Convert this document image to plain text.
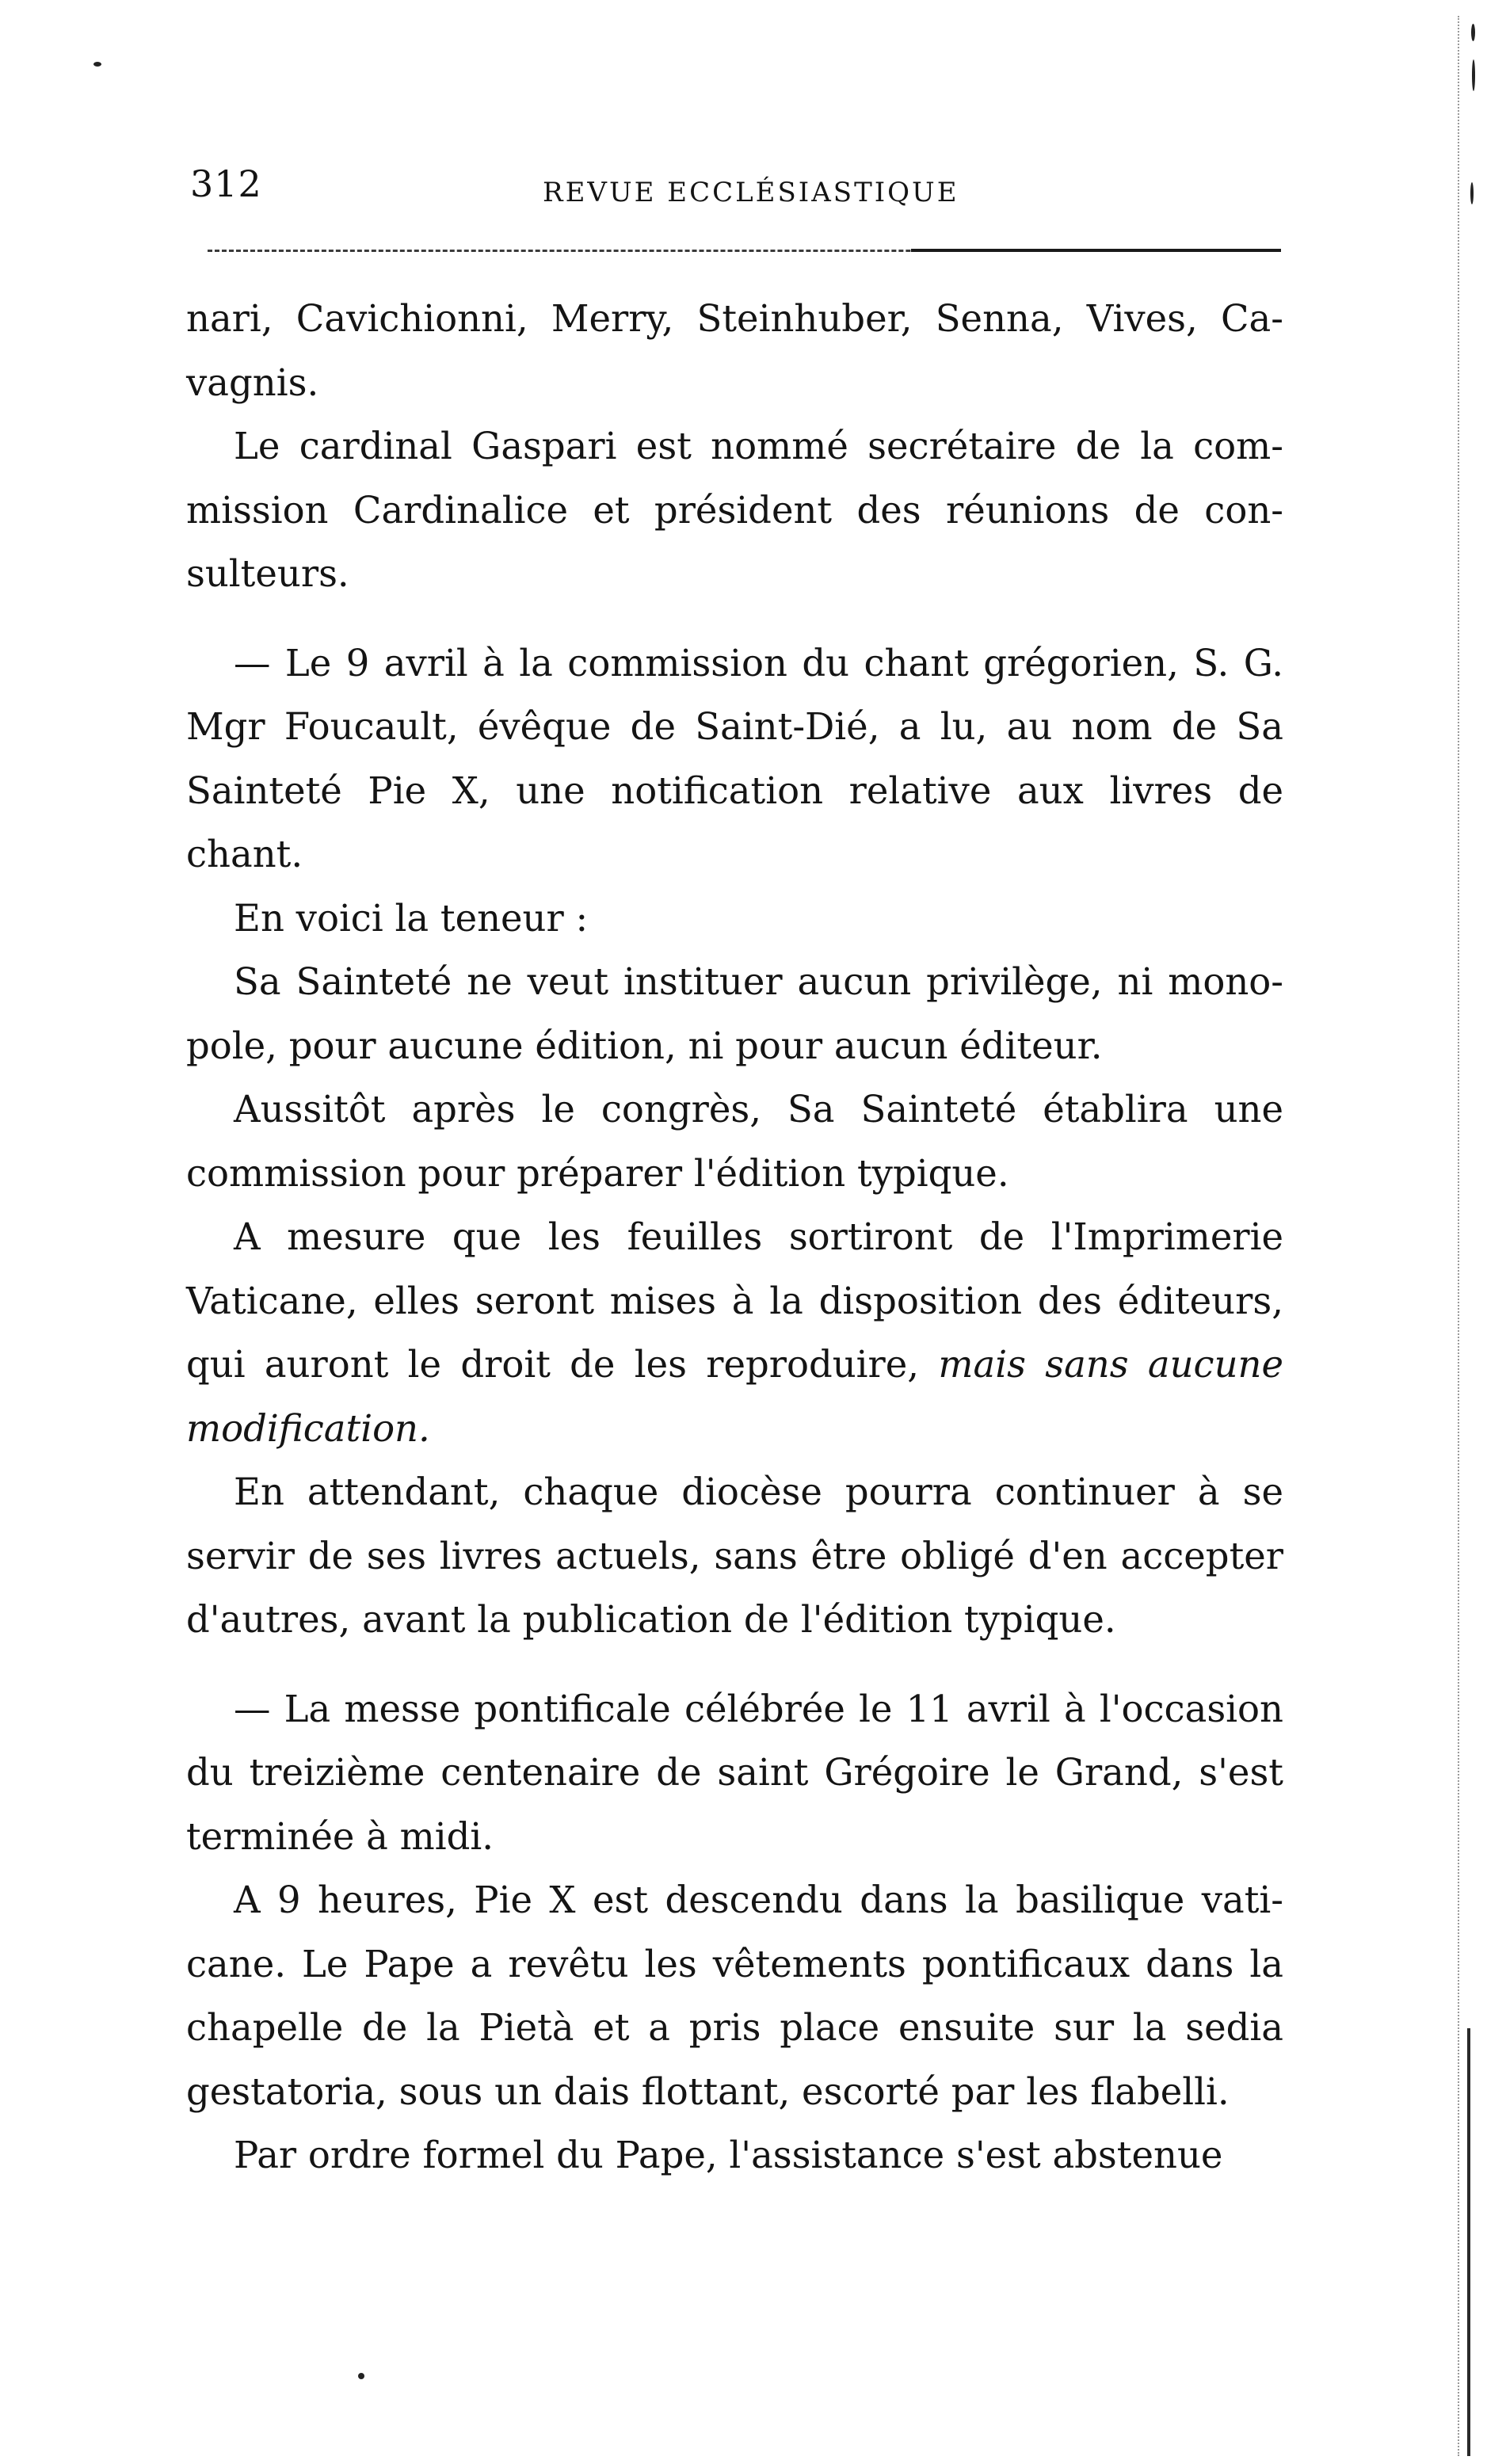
312	REVUE ECCLÉSIASTIQUE

nari, Cavichionni, Merry, Steinhuber, Senna, Vives, Cavagnis.

Le cardinal Gaspari est nommé secrétaire de la commission Cardinalice et président des réunions de consulteurs.

— Le 9 avril à la commission du chant grégorien, S. G. Mgr Foucault, évêque de Saint-Dié, a lu, au nom de Sa Sainteté Pie X, une notification relative aux livres de chant.

En voici la teneur :

Sa Sainteté ne veut instituer aucun privilège, ni monopole, pour aucune édition, ni pour aucun éditeur.

Aussitôt après le congrès, Sa Sainteté établira une commission pour préparer l'édition typique.

A mesure que les feuilles sortiront de l'Imprimerie Vaticane, elles seront mises à la disposition des éditeurs, qui auront le droit de les reproduire, mais sans aucune modification.

En attendant, chaque diocèse pourra continuer à se servir de ses livres actuels, sans être obligé d'en accepter d'autres, avant la publication de l'édition typique.

— La messe pontificale célébrée le 11 avril à l'occasion du treizième centenaire de saint Grégoire le Grand, s'est terminée à midi.

A 9 heures, Pie X est descendu dans la basilique vaticane. Le Pape a revêtu les vêtements pontificaux dans la chapelle de la Pietà et a pris place ensuite sur la sedia gestatoria, sous un dais flottant, escorté par les flabelli.

Par ordre formel du Pape, l'assistance s'est abstenue
